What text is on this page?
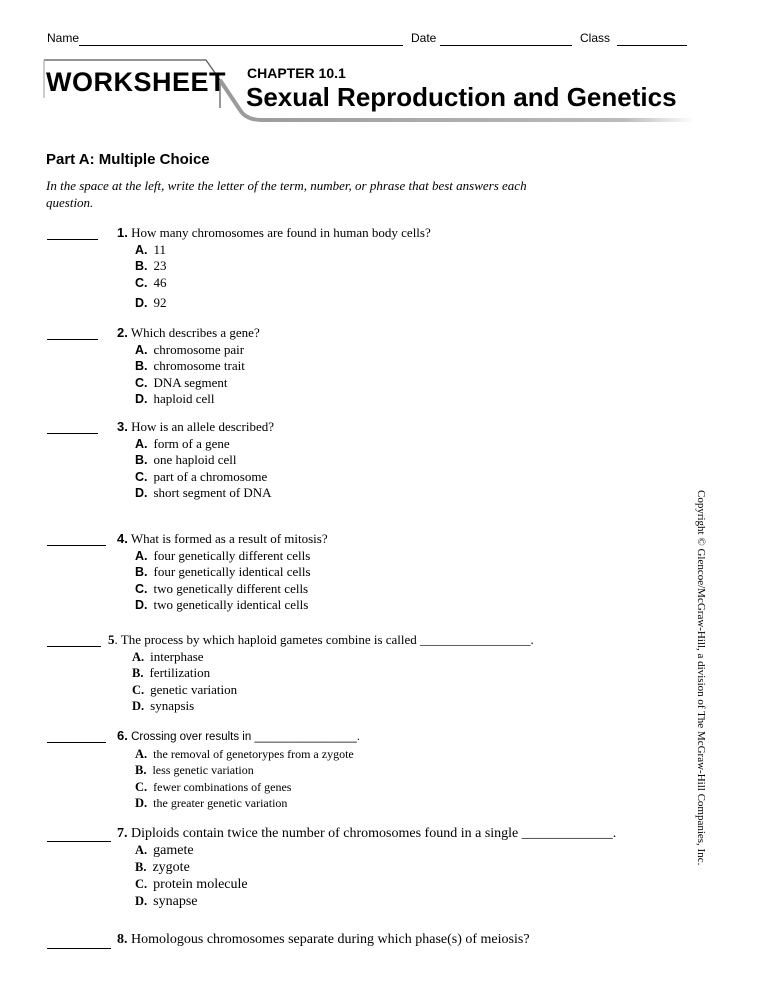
Name	Date	Class
WORKSHEET CHAPTER 10.1
Sexual Reproduction and Genetics
Part A: Multiple Choice
In the space at the left, write the letter of the term, number, or phrase that best answers each question.
1. How many chromosomes are found in human body cells?
A. 11
B. 23
C. 46
D. 92
2. Which describes a gene?
A. chromosome pair
B. chromosome trait
C. DNA segment
D. haploid cell
3. How is an allele described?
A. form of a gene
B. one haploid cell
C. part of a chromosome
D. short segment of DNA
4. What is formed as a result of mitosis?
A. four genetically different cells
B. four genetically identical cells
C. two genetically different cells
D. two genetically identical cells
5. The process by which haploid gametes combine is called _________________.
A. interphase
B. fertilization
C. genetic variation
D. synapsis
6. Crossing over results in ________________.
A. the removal of genetorypes from a zygote
B. less genetic variation
C. fewer combinations of genes
D. the greater genetic variation
7. Diploids contain twice the number of chromosomes found in a single _____________.
A. gamete
B. zygote
C. protein molecule
D. synapse
8. Homologous chromosomes separate during which phase(s) of meiosis?
Copyright © Glencoe/McGraw-Hill, a division of The McGraw-Hill Companies, Inc.
